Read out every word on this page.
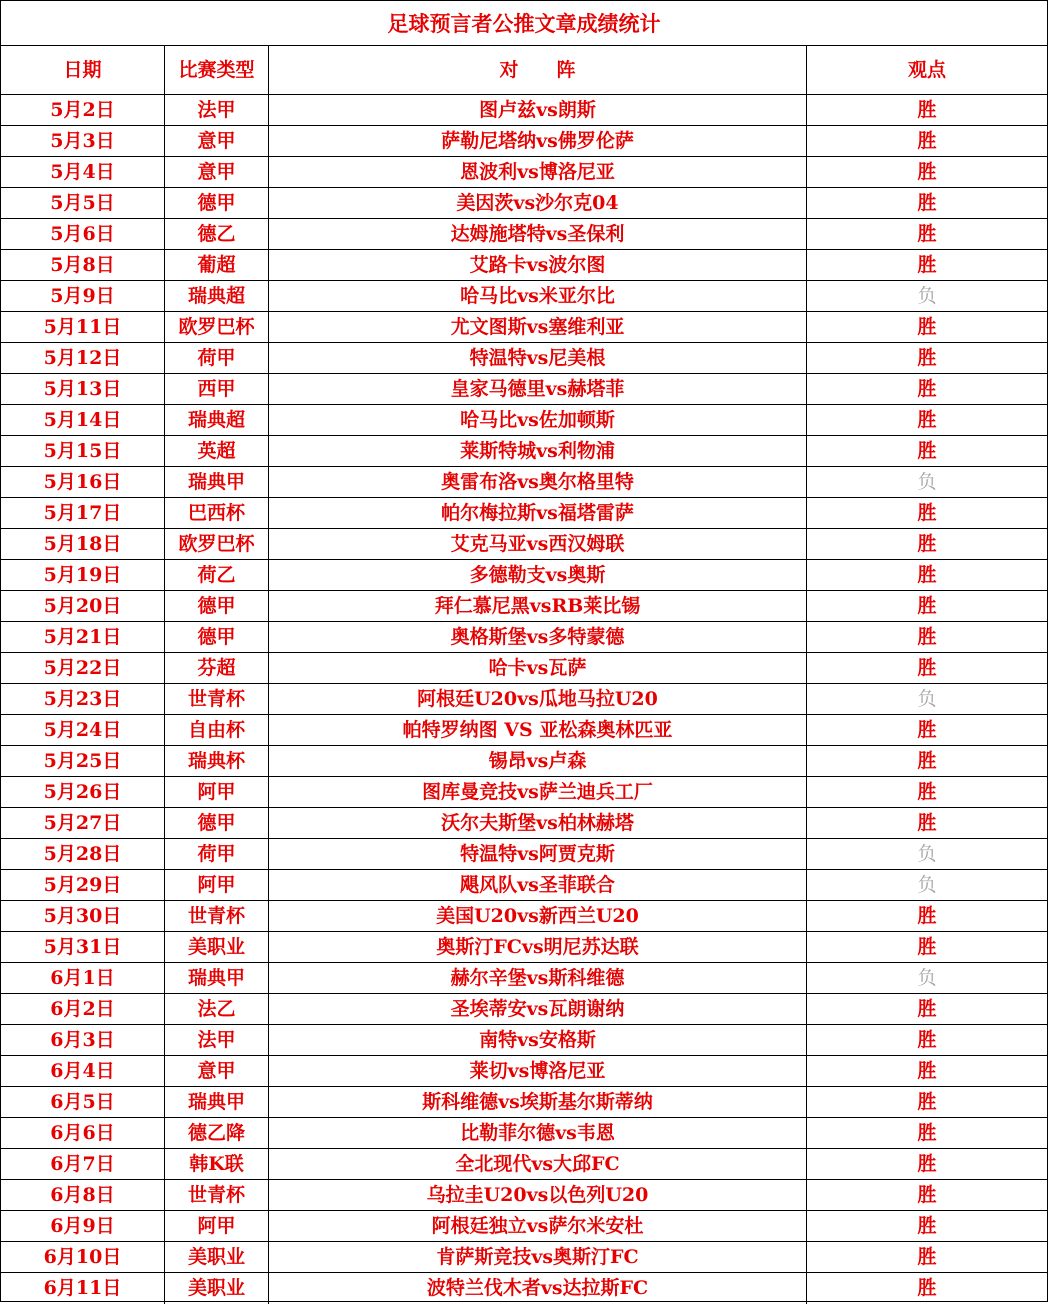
足球预言者公推文章成绩统计
日期	比赛类型	对　　阵	观点
5月2日	法甲	图卢兹vs朗斯	胜
5月3日	意甲	萨勒尼塔纳vs佛罗伦萨	胜
5月4日	意甲	恩波利vs博洛尼亚	胜
5月5日	德甲	美因茨vs沙尔克04	胜
5月6日	德乙	达姆施塔特vs圣保利	胜
5月8日	葡超	艾路卡vs波尔图	胜
5月9日	瑞典超	哈马比vs米亚尔比	负
5月11日	欧罗巴杯	尤文图斯vs塞维利亚	胜
5月12日	荷甲	特温特vs尼美根	胜
5月13日	西甲	皇家马德里vs赫塔菲	胜
5月14日	瑞典超	哈马比vs佐加顿斯	胜
5月15日	英超	莱斯特城vs利物浦	胜
5月16日	瑞典甲	奥雷布洛vs奥尔格里特	负
5月17日	巴西杯	帕尔梅拉斯vs福塔雷萨	胜
5月18日	欧罗巴杯	艾克马亚vs西汉姆联	胜
5月19日	荷乙	多德勒支vs奥斯	胜
5月20日	德甲	拜仁慕尼黑vsRB莱比锡	胜
5月21日	德甲	奥格斯堡vs多特蒙德	胜
5月22日	芬超	哈卡vs瓦萨	胜
5月23日	世青杯	阿根廷U20vs瓜地马拉U20	负
5月24日	自由杯	帕特罗纳图 VS 亚松森奥林匹亚	胜
5月25日	瑞典杯	锡昂vs卢森	胜
5月26日	阿甲	图库曼竞技vs萨兰迪兵工厂	胜
5月27日	德甲	沃尔夫斯堡vs柏林赫塔	胜
5月28日	荷甲	特温特vs阿贾克斯	负
5月29日	阿甲	飓风队vs圣菲联合	负
5月30日	世青杯	美国U20vs新西兰U20	胜
5月31日	美职业	奥斯汀FCvs明尼苏达联	胜
6月1日	瑞典甲	赫尔辛堡vs斯科维德	负
6月2日	法乙	圣埃蒂安vs瓦朗谢纳	胜
6月3日	法甲	南特vs安格斯	胜
6月4日	意甲	莱切vs博洛尼亚	胜
6月5日	瑞典甲	斯科维德vs埃斯基尔斯蒂纳	胜
6月6日	德乙降	比勒菲尔德vs韦恩	胜
6月7日	韩K联	全北现代vs大邱FC	胜
6月8日	世青杯	乌拉圭U20vs以色列U20	胜
6月9日	阿甲	阿根廷独立vs萨尔米安杜	胜
6月10日	美职业	肯萨斯竞技vs奥斯汀FC	胜
6月11日	美职业	波特兰伐木者vs达拉斯FC	胜
